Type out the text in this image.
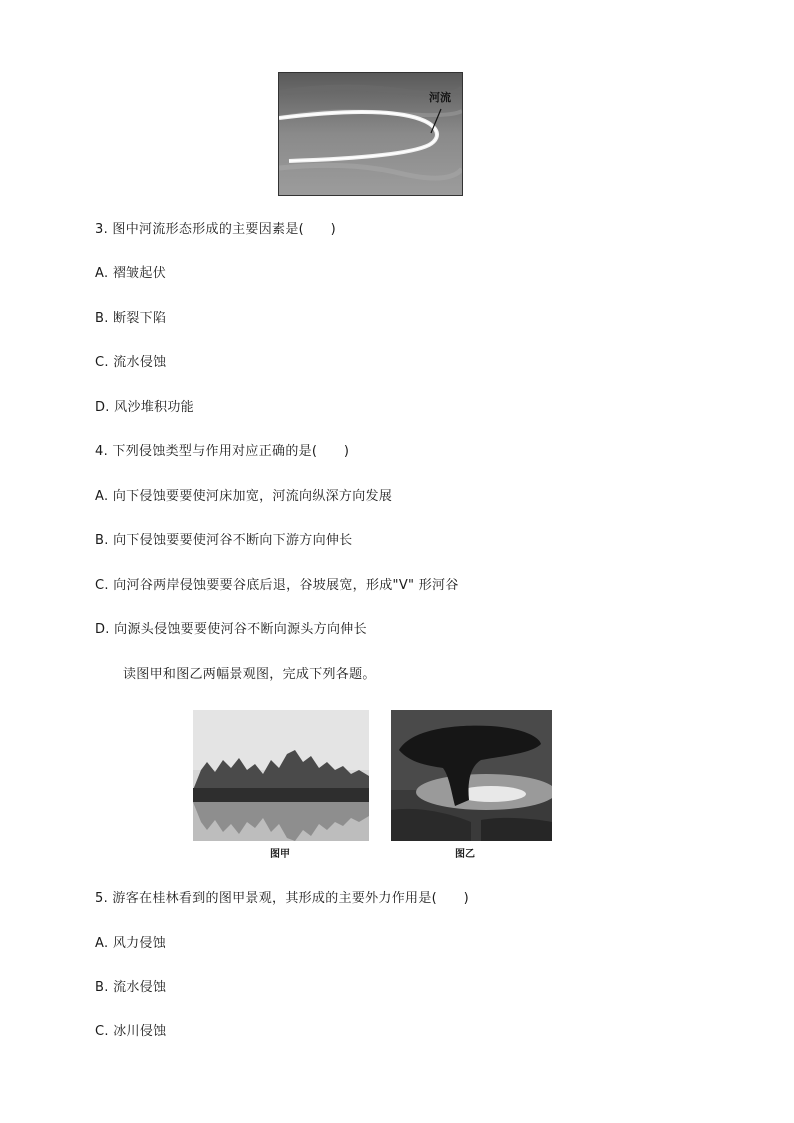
河流
3. 图中河流形态形成的主要因素是(　　)
A. 褶皱起伏
B. 断裂下陷
C. 流水侵蚀
D. 风沙堆积功能
4. 下列侵蚀类型与作用对应正确的是(　　)
A. 向下侵蚀要要使河床加宽，河流向纵深方向发展
B. 向下侵蚀要要使河谷不断向下游方向伸长
C. 向河谷两岸侵蚀要要谷底后退，谷坡展宽，形成"V" 形河谷
D. 向源头侵蚀要要使河谷不断向源头方向伸长
读图甲和图乙两幅景观图，完成下列各题。
图甲	图乙
5. 游客在桂林看到的图甲景观，其形成的主要外力作用是(　　)
A. 风力侵蚀
B. 流水侵蚀
C. 冰川侵蚀
